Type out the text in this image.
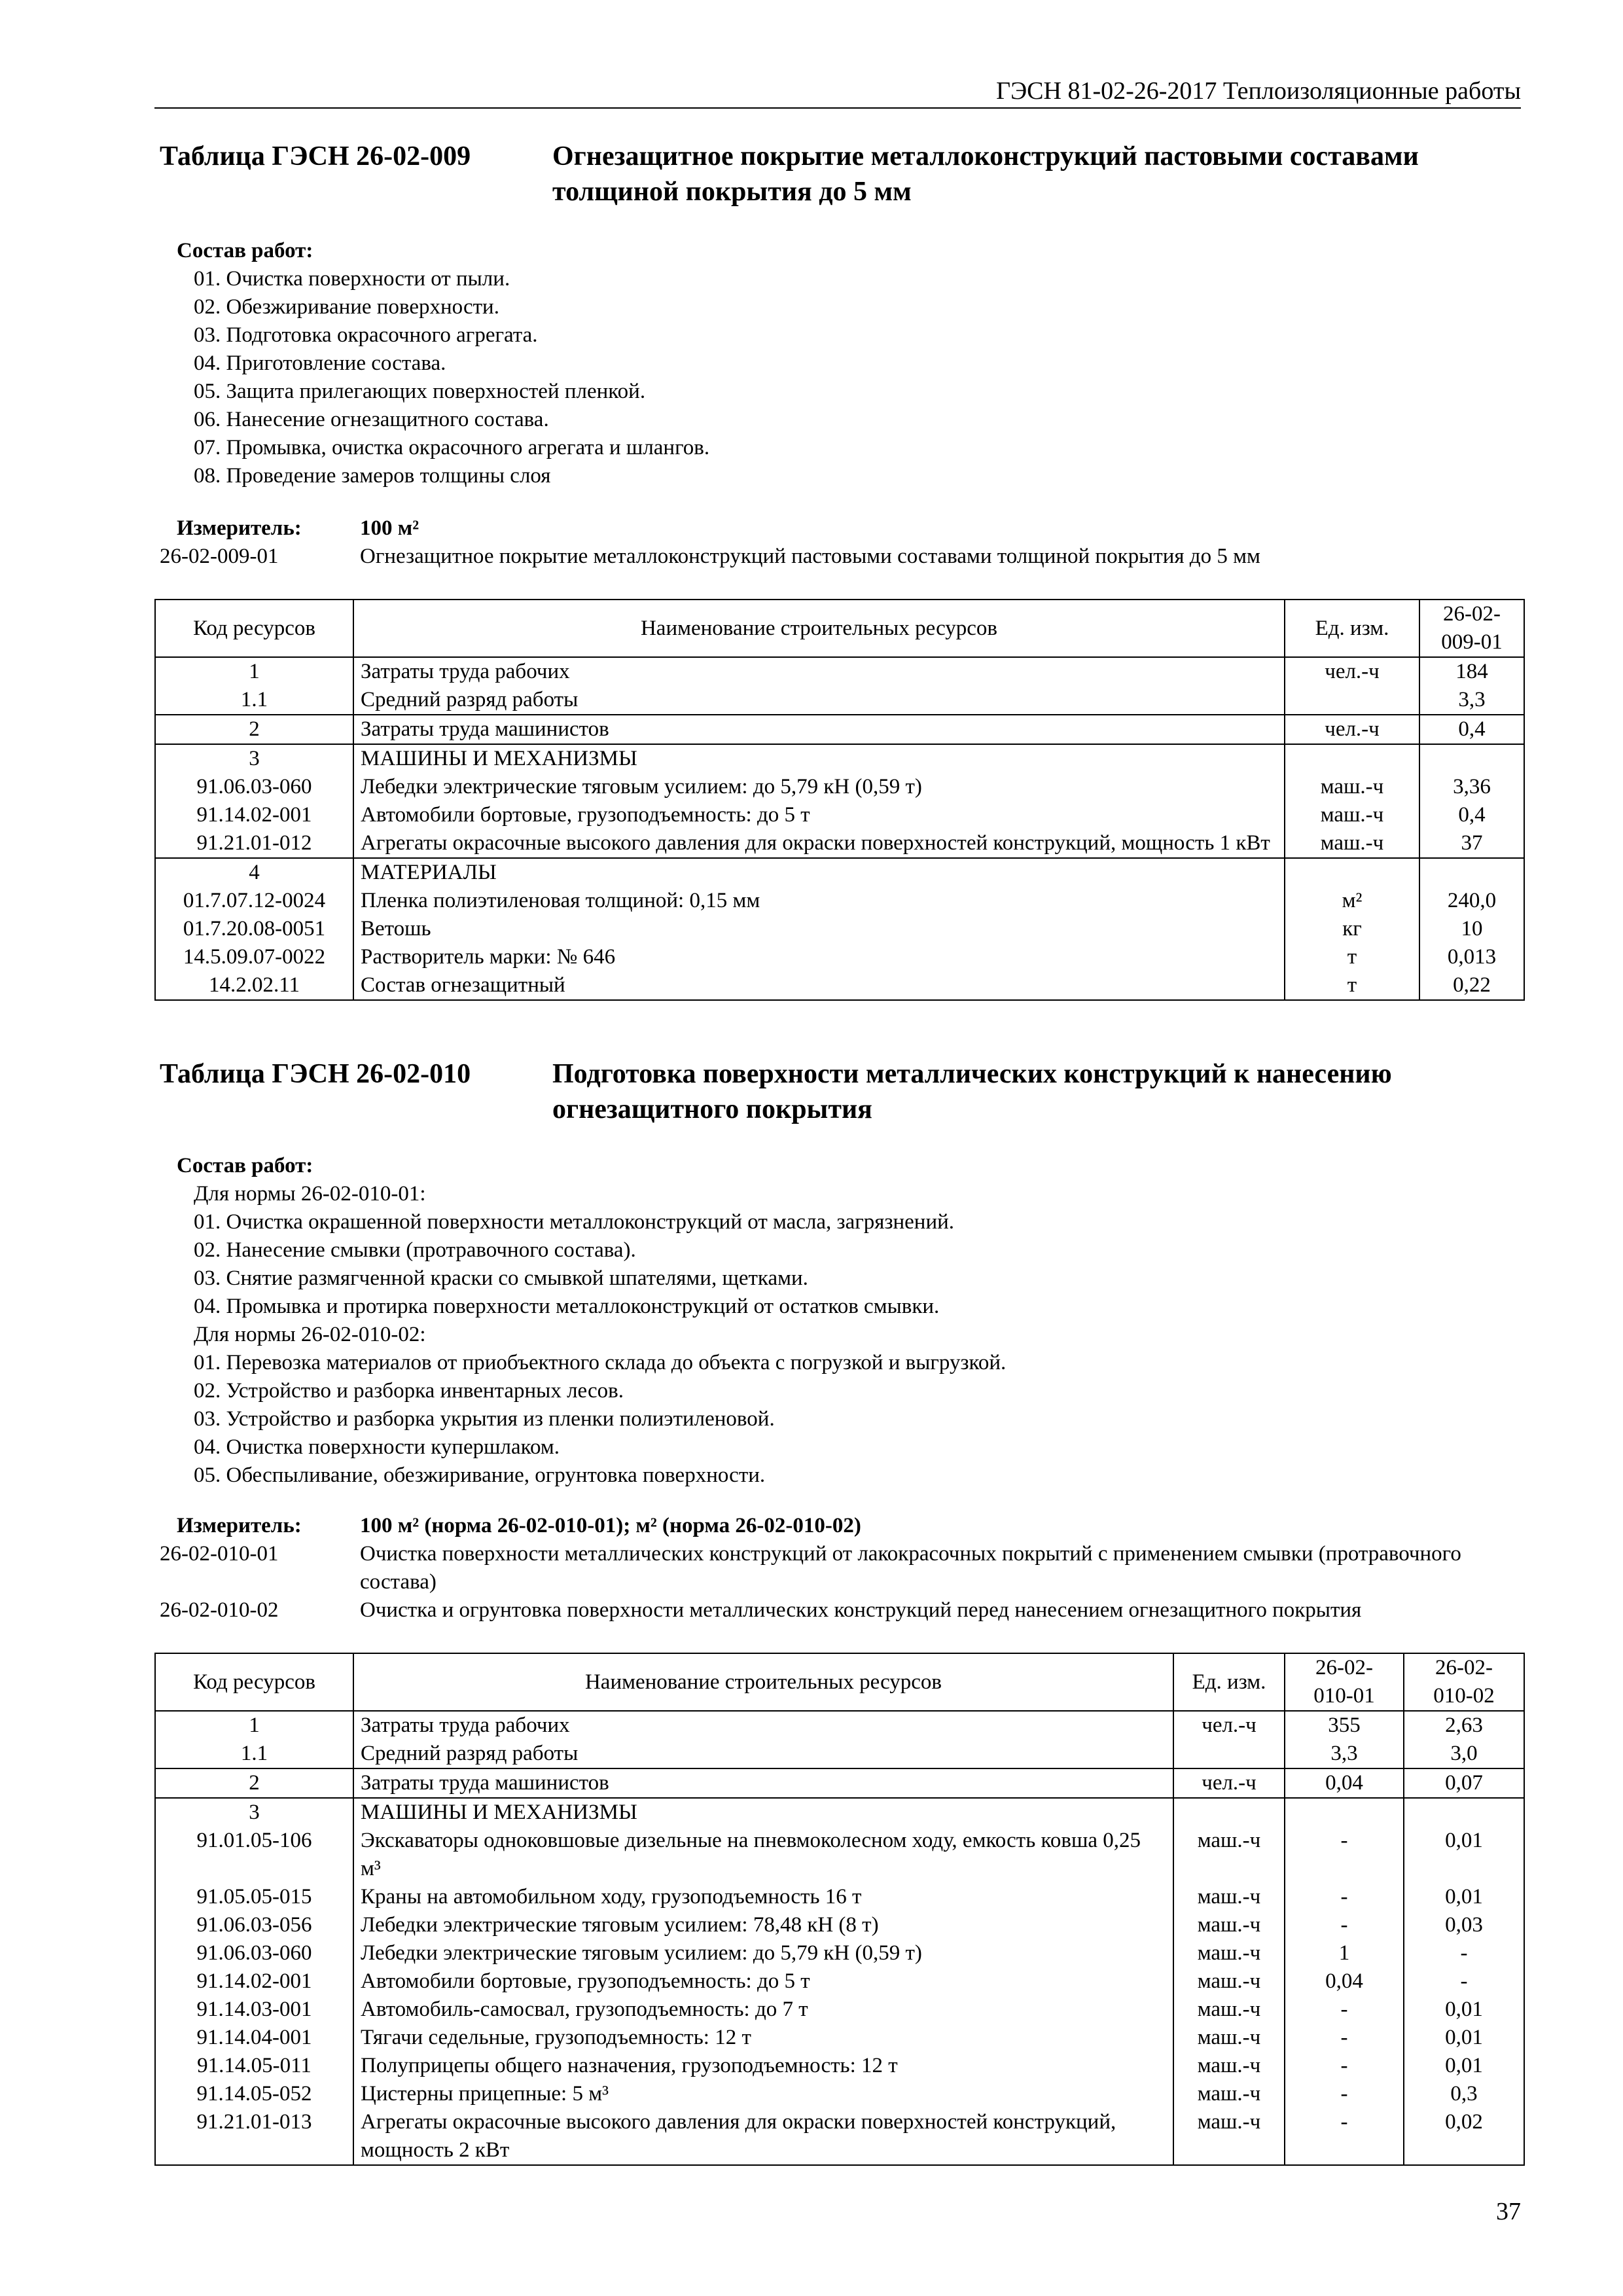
ГЭСН 81-02-26-2017 Теплоизоляционные работы
Таблица ГЭСН 26-02-009	Огнезащитное покрытие металлоконструкций пастовыми составами толщиной покрытия до 5 мм
Состав работ:
01. Очистка поверхности от пыли.
02. Обезжиривание поверхности.
03. Подготовка окрасочного агрегата.
04. Приготовление состава.
05. Защита прилегающих поверхностей пленкой.
06. Нанесение огнезащитного состава.
07. Промывка, очистка окрасочного агрегата и шлангов.
08. Проведение замеров толщины слоя
Измеритель:	100 м²
26-02-009-01	Огнезащитное покрытие металлоконструкций пастовыми составами толщиной покрытия до 5 мм
Код ресурсов	Наименование строительных ресурсов	Ед. изм.	26-02-009-01
1	Затраты труда рабочих	чел.-ч	184
1.1	Средний разряд работы		3,3
2	Затраты труда машинистов	чел.-ч	0,4
3	МАШИНЫ И МЕХАНИЗМЫ		
91.06.03-060	Лебедки электрические тяговым усилием: до 5,79 кН (0,59 т)	маш.-ч	3,36
91.14.02-001	Автомобили бортовые, грузоподъемность: до 5 т	маш.-ч	0,4
91.21.01-012	Агрегаты окрасочные высокого давления для окраски поверхностей конструкций, мощность 1 кВт	маш.-ч	37
4	МАТЕРИАЛЫ		
01.7.07.12-0024	Пленка полиэтиленовая толщиной: 0,15 мм	м²	240,0
01.7.20.08-0051	Ветошь	кг	10
14.5.09.07-0022	Растворитель марки: № 646	т	0,013
14.2.02.11	Состав огнезащитный	т	0,22
Таблица ГЭСН 26-02-010	Подготовка поверхности металлических конструкций к нанесению огнезащитного покрытия
Состав работ:
Для нормы 26-02-010-01:
01. Очистка окрашенной поверхности металлоконструкций от масла, загрязнений.
02. Нанесение смывки (протравочного состава).
03. Снятие размягченной краски со смывкой шпателями, щетками.
04. Промывка и протирка поверхности металлоконструкций от остатков смывки.
Для нормы 26-02-010-02:
01. Перевозка материалов от приобъектного склада до объекта с погрузкой и выгрузкой.
02. Устройство и разборка инвентарных лесов.
03. Устройство и разборка укрытия из пленки полиэтиленовой.
04. Очистка поверхности купершлаком.
05. Обеспыливание, обезжиривание, огрунтовка поверхности.
Измеритель:	100 м² (норма 26-02-010-01); м² (норма 26-02-010-02)
26-02-010-01	Очистка поверхности металлических конструкций от лакокрасочных покрытий с применением смывки (протравочного состава)
26-02-010-02	Очистка и огрунтовка поверхности металлических конструкций перед нанесением огнезащитного покрытия
Код ресурсов	Наименование строительных ресурсов	Ед. изм.	26-02-010-01	26-02-010-02
1	Затраты труда рабочих	чел.-ч	355	2,63
1.1	Средний разряд работы		3,3	3,0
2	Затраты труда машинистов	чел.-ч	0,04	0,07
3	МАШИНЫ И МЕХАНИЗМЫ			
91.01.05-106	Экскаваторы одноковшовые дизельные на пневмоколесном ходу, емкость ковша 0,25 м³	маш.-ч	-	0,01
91.05.05-015	Краны на автомобильном ходу, грузоподъемность 16 т	маш.-ч	-	0,01
91.06.03-056	Лебедки электрические тяговым усилием: 78,48 кН (8 т)	маш.-ч	-	0,03
91.06.03-060	Лебедки электрические тяговым усилием: до 5,79 кН (0,59 т)	маш.-ч	1	-
91.14.02-001	Автомобили бортовые, грузоподъемность: до 5 т	маш.-ч	0,04	-
91.14.03-001	Автомобиль-самосвал, грузоподъемность: до 7 т	маш.-ч	-	0,01
91.14.04-001	Тягачи седельные, грузоподъемность: 12 т	маш.-ч	-	0,01
91.14.05-011	Полуприцепы общего назначения, грузоподъемность: 12 т	маш.-ч	-	0,01
91.14.05-052	Цистерны прицепные: 5 м³	маш.-ч	-	0,3
91.21.01-013	Агрегаты окрасочные высокого давления для окраски поверхностей конструкций, мощность 2 кВт	маш.-ч	-	0,02
37
